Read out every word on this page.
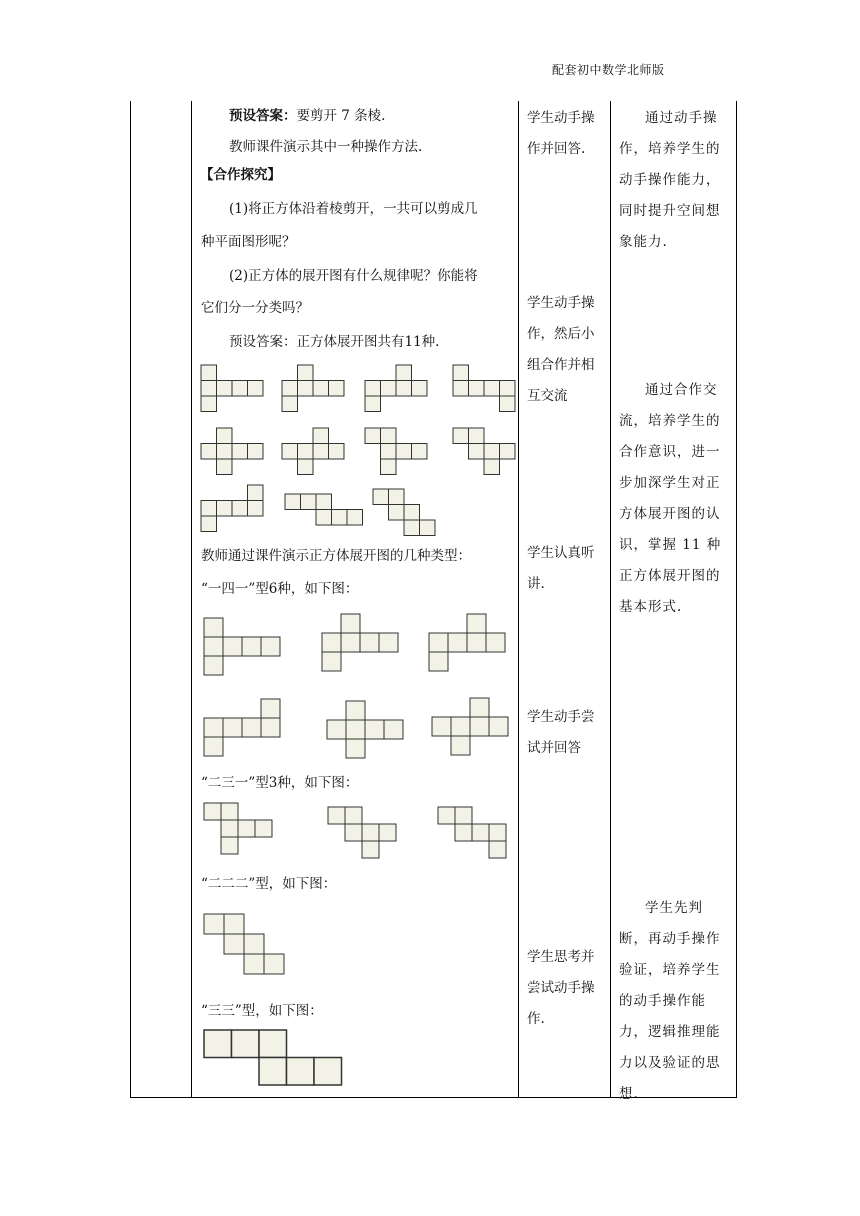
配套初中数学北师版
预设答案：要剪开 7 条棱.
教师课件演示其中一种操作方法.
【合作探究】
(1)将正方体沿着棱剪开，一共可以剪成几
种平面图形呢？
(2)正方体的展开图有什么规律呢？你能将
它们分一分类吗？
预设答案：正方体展开图共有11种.
教师通过课件演示正方体展开图的几种类型：
“一四一”型6种，如下图：
“二三一”型3种，如下图：
“二二二”型，如下图：
“三三”型，如下图：
学生动手操
作并回答.
学生动手操
作，然后小
组合作并相
互交流
学生认真听
讲.
学生动手尝
试并回答
学生思考并
尝试动手操
作.
通过动手操
作，培养学生的
动手操作能力，
同时提升空间想
象能力.
通过合作交
流，培养学生的
合作意识，进一
步加深学生对正
方体展开图的认
识，掌握 11 种
正方体展开图的
基本形式.
学生先判
断，再动手操作
验证，培养学生
的动手操作能
力，逻辑推理能
力以及验证的思
想.
